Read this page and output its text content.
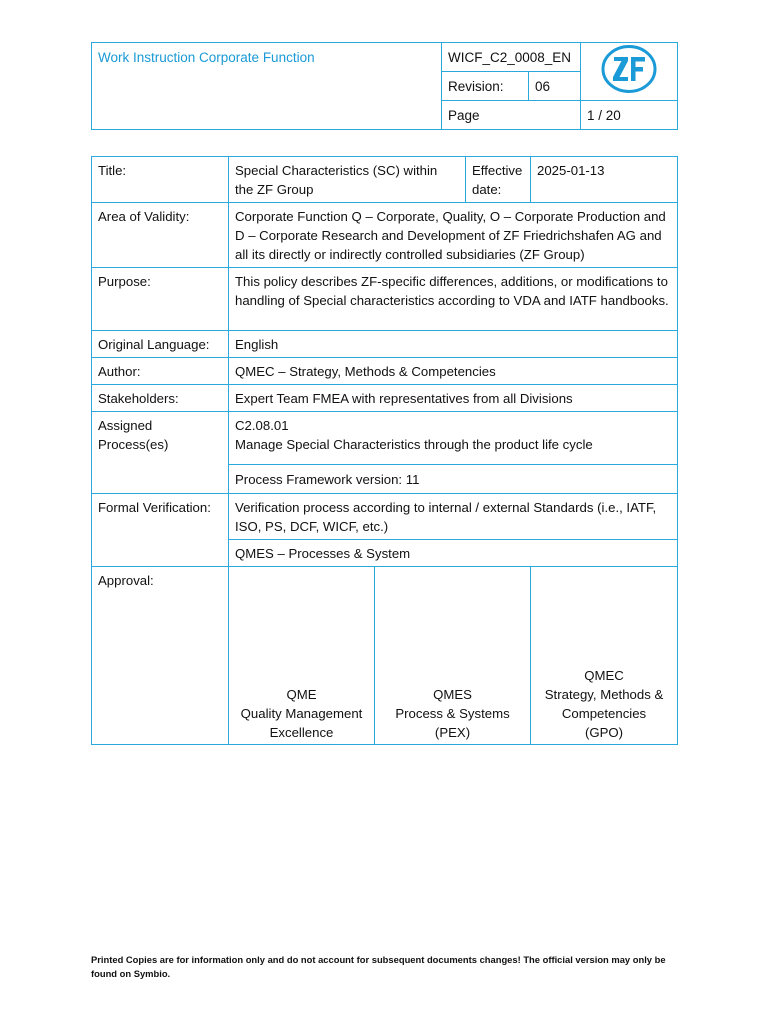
Work Instruction Corporate Function	WICF_C2_0008_EN	
	Revision:	06	
	Page		1 / 20
Title:	Special Characteristics (SC) within the ZF Group		Effective date:	2025-01-13
Area of Validity:	Corporate Function Q – Corporate, Quality, O – Corporate Production and D – Corporate Research and Development of ZF Friedrichshafen AG and all its directly or indirectly controlled subsidiaries (ZF Group)			
Purpose:	This policy describes ZF-specific differences, additions, or modifications to handling of Special characteristics according to VDA and IATF handbooks.			
Original Language:	English			
Author:	QMEC – Strategy, Methods & Competencies			
Stakeholders:	Expert Team FMEA with representatives from all Divisions			
Assigned Process(es)	C2.08.01
Manage Special Characteristics through the product life cycle			

	Process Framework version: 11			
Formal Verification:	Verification process according to internal / external Standards (i.e., IATF, ISO, PS, DCF, WICF, etc.)			
	QMES – Processes & System			
Approval:	QME
Quality Management
Excellence	QMES
Process & Systems
(PEX)		QMEC
Strategy, Methods &
Competencies
(GPO)
Printed Copies are for information only and do not account for subsequent documents changes! The official version may only be found on Symbio.
